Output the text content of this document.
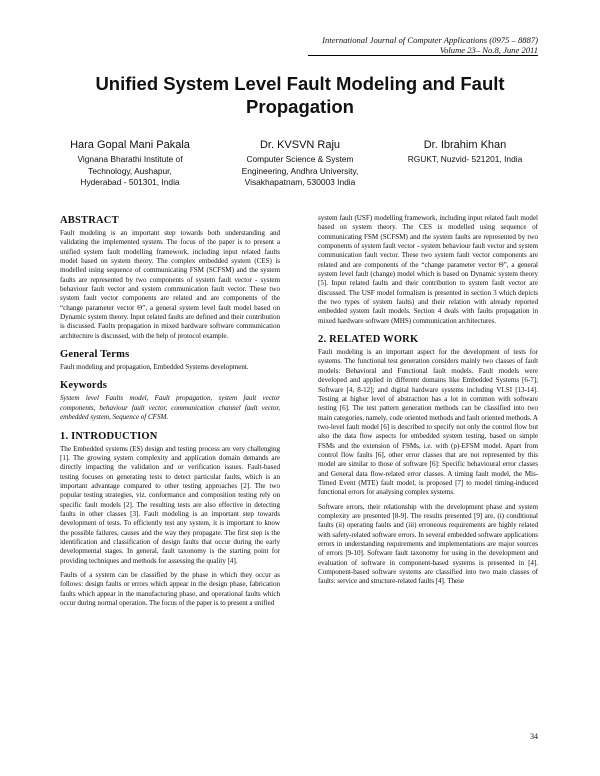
International Journal of Computer Applications (0975 – 8887)
Volume 23– No.8, June 2011
Unified System Level Fault Modeling and Fault Propagation
Hara Gopal Mani Pakala
Vignana Bharathi Institute of
Technology, Aushapur,
Hyderabad - 501301, India
Dr. KVSVN Raju
Computer Science & System
Engineering, Andhra University,
Visakhapatnam, 530003 India
Dr. Ibrahim Khan
RGUKT, Nuzvid- 521201, India
ABSTRACT

Fault modeling is an important step towards both understanding and validating the implemented system. The focus of the paper is to present a unified system fault modelling framework, including input related faults model based on system theory. The complex embedded system (CES) is modelled using sequence of communicating FSM (SCFSM) and the system faults are represented by two components of system fault vector - system behaviour fault vector and system communication fault vector. These two system fault vector components are related and are components of the “change parameter vector Θ”, a general system level fault model based on Dynamic system theory. Input related faults are defined and their contribution is discussed. Faults propagation in mixed hardware software communication architecture is discussed, with the help of protocol example.

General Terms

Fault modeling and propagation, Embedded Systems development.

Keywords

System level Faults model, Fault propagation, system fault vector components, behaviour fault vector, communication channel fault vector, embedded system, Sequence of CFSM.

1. INTRODUCTION

The Embedded systems (ES) design and testing process are very challenging [1]. The growing system complexity and application domain demands are directly impacting the validation and or verification issues. Fault-based testing focuses on generating tests to detect particular faults, which is an important advantage compared to other testing approaches [2]. The two popular testing strategies, viz. conformance and composition testing rely on specific fault models [2]. The resulting tests are also effective in detecting faults in other classes [3]. Fault modeling is an important step towards development of tests. To efficiently test any system, it is important to know the possible failures, causes and the way they propagate. The first step is the identification and classification of design faults that occur during the early developmental stages. In general, fault taxonomy is the starting point for providing techniques and methods for assessing the quality [4].

Faults of a system can be classified by the phase in which they occur as follows: design faults or errors which appear in the design phase, fabrication faults which appear in the manufacturing phase, and operational faults which occur during normal operation. The focus of the paper is to present a unified

system fault (USF) modelling framework, including input related fault model based on system theory. The CES is modelled using sequence of communicating FSM (SCFSM) and the system faults are represented by two components of system fault vector - system behaviour fault vector and system communication fault vector. These two system fault vector components are related and are components of the “change parameter vector Θ”, a general system level fault (change) model which is based on Dynamic system theory [5]. Input related faults and their contribution to system fault vector are discussed. The USF model formalism is presented in section 3 which depicts the two types of system faults) and their relation with already reported embedded system fault models. Section 4 deals with faults propagation in mixed hardware software (MHS) communication architectures.

2. RELATED WORK

Fault modeling is an important aspect for the development of tests for systems. The functional test generation considers mainly two classes of fault models: Behavioral and Functional fault models. Fault models were developed and applied in different domains like Embedded Systems [6-7]; Software [4, 8-12]; and digital hardware systems including VLSI [13-14]. Testing at higher level of abstraction has a lot in common with software testing [6]. The test pattern generation methods can be classified into two main categories, namely, code oriented methods and fault oriented methods. A two-level fault model [6] is described to specify not only the control flow but also the data flow aspects for embedded system testing, based on simple FSMs and the extension of FSMs, i.e. with (p)-EFSM model. Apart from control flow faults [6], other error classes that are not represented by this model are similar to those of software [6]: Specific behavioural error classes and General data flow-related error classes. A timing fault model, the Mis-Timed Event (MTE) fault model, is proposed [7] to model timing-induced functional errors for analysing complex systems.

Software errors, their relationship with the development phase and system complexity are presented [8-9]. The results presented [9] are, (i) conditional faults (ii) operating faults and (iii) erroneous requirements are highly related with safety-related software errors. In several embedded software applications errors in understanding requirements and implementations are major sources of errors [9-10]. Software fault taxonomy for using in the development and evaluation of software in component-based systems is presented in [4]. Component-based software systems are classified into two main classes of faults: service and structure-related faults [4]. These

34
